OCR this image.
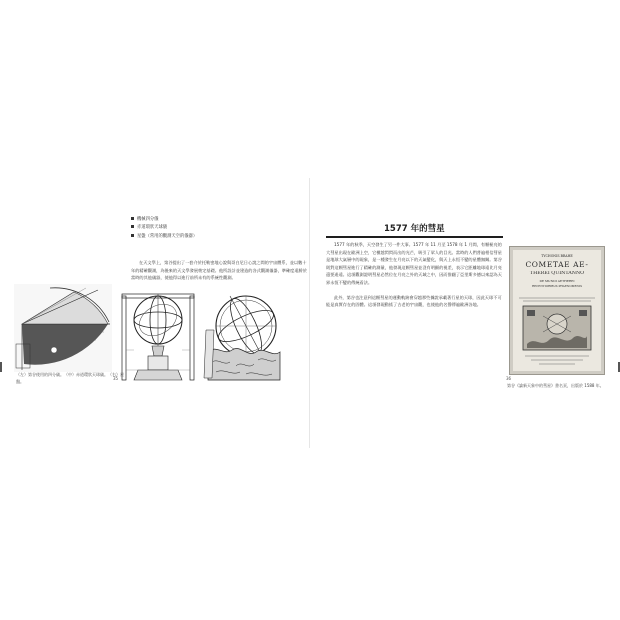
機械四分儀
赤道環狀天球儀
星盤（常用的觀測天空的儀器）
在天文學上，第谷提出了一套介於托勒密地心說與哥白尼日心說之間的宇宙體系，並以數十年的精確觀測，為後來的天文學發展奠定基礎。他所設計並建造的各式觀測儀器，準確度遠勝於當時的其他儀器，使他得以進行前所未有的系統性觀測。
（左）第谷使用的四分儀。（中）赤道環狀天球儀。（右）星盤。	35
1577 年的彗星

1577 年的秋季，天空發生了另一件大事。1577 年 11 月至 1578 年 1 月間，有顆極亮的大彗星出現在歐洲上空，它橫越閃閃而出的光芒，吸引了眾人的目光。當時的人們普遍相信彗星是地球大氣層中的現象，是一種發生在月亮以下的天氣變化，與天上永恆不變的星體無關。第谷則對這顆彗星進行了精確的測量，他發現這顆彗星並沒有明顯的視差，表示它距離地球遠比月亮還要遙遠。這項觀測證明彗星必然位在月亮之外的天域之中，因而推翻了亞里斯多德以來認為天界永恆不變的傳統看法。

此外，第谷也注意到這顆彗星的運動軌跡會穿越那些據說承載著行星的天球，因此天球不可能是真實存在的固體。這項發現動搖了古老的宇宙觀，也使他的名聲傳遍歐洲各地。

TYCHONIS BRAHE
COMETAE AE-
THEREI QUINTANNO
DE MUNDI AETHEREI
RECENTIORIBUS PHAENOMENIS
第谷《論新天象中的彗星》書名頁，出版於 1588 年。
36
